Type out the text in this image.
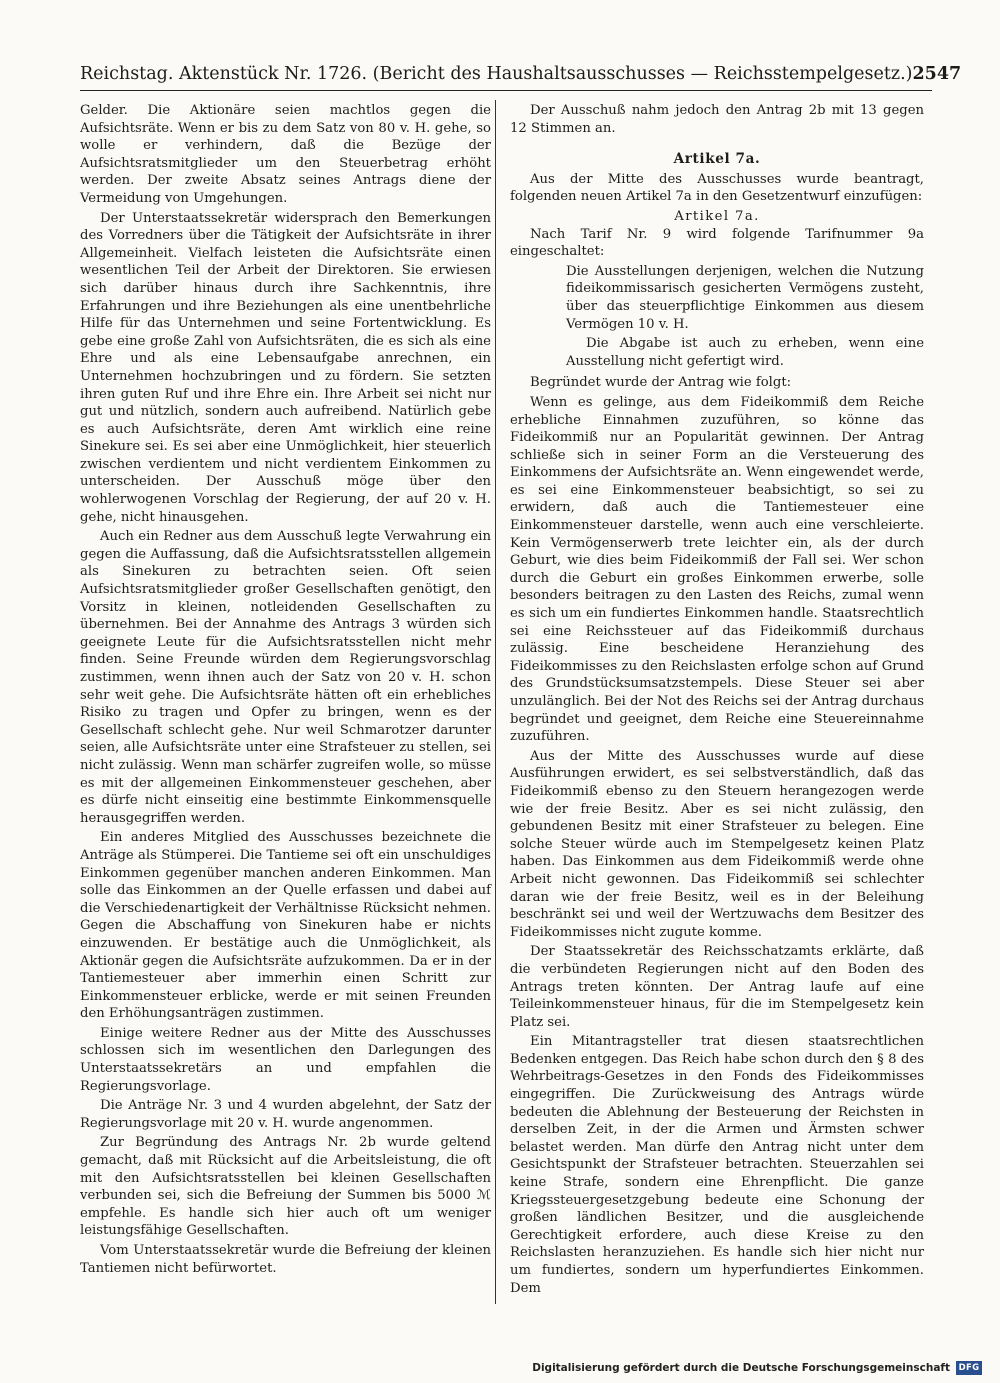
Reichstag. Aktenstück Nr. 1726. (Bericht des Haushaltsausschusses — Reichsstempelgesetz.) 2547

Gelder. Die Aktionäre seien machtlos gegen die Aufsichtsräte. Wenn er bis zu dem Satz von 80 v. H. gehe, so wolle er verhindern, daß die Bezüge der Aufsichtsratsmitglieder um den Steuerbetrag erhöht werden. Der zweite Absatz seines Antrags diene der Vermeidung von Umgehungen.

Der Unterstaatssekretär widersprach den Bemerkungen des Vorredners über die Tätigkeit der Aufsichtsräte in ihrer Allgemeinheit. Vielfach leisteten die Aufsichtsräte einen wesentlichen Teil der Arbeit der Direktoren. Sie erwiesen sich darüber hinaus durch ihre Sachkenntnis, ihre Erfahrungen und ihre Beziehungen als eine unentbehrliche Hilfe für das Unternehmen und seine Fortentwicklung. Es gebe eine große Zahl von Aufsichtsräten, die es sich als eine Ehre und als eine Lebensaufgabe anrechnen, ein Unternehmen hochzubringen und zu fördern. Sie setzten ihren guten Ruf und ihre Ehre ein. Ihre Arbeit sei nicht nur gut und nützlich, sondern auch aufreibend. Natürlich gebe es auch Aufsichtsräte, deren Amt wirklich eine reine Sinekure sei. Es sei aber eine Unmöglichkeit, hier steuerlich zwischen verdientem und nicht verdientem Einkommen zu unterscheiden. Der Ausschuß möge über den wohlerwogenen Vorschlag der Regierung, der auf 20 v. H. gehe, nicht hinausgehen.

Auch ein Redner aus dem Ausschuß legte Verwahrung ein gegen die Auffassung, daß die Aufsichtsratsstellen allgemein als Sinekuren zu betrachten seien. Oft seien Aufsichtsratsmitglieder großer Gesellschaften genötigt, den Vorsitz in kleinen, notleidenden Gesellschaften zu übernehmen. Bei der Annahme des Antrags 3 würden sich geeignete Leute für die Aufsichtsratsstellen nicht mehr finden. Seine Freunde würden dem Regierungsvorschlag zustimmen, wenn ihnen auch der Satz von 20 v. H. schon sehr weit gehe. Die Aufsichtsräte hätten oft ein erhebliches Risiko zu tragen und Opfer zu bringen, wenn es der Gesellschaft schlecht gehe. Nur weil Schmarotzer darunter seien, alle Aufsichtsräte unter eine Strafsteuer zu stellen, sei nicht zulässig. Wenn man schärfer zugreifen wolle, so müsse es mit der allgemeinen Einkommensteuer geschehen, aber es dürfe nicht einseitig eine bestimmte Einkommensquelle herausgegriffen werden.

Ein anderes Mitglied des Ausschusses bezeichnete die Anträge als Stümperei. Die Tantieme sei oft ein unschuldiges Einkommen gegenüber manchen anderen Einkommen. Man solle das Einkommen an der Quelle erfassen und dabei auf die Verschiedenartigkeit der Verhältnisse Rücksicht nehmen. Gegen die Abschaffung von Sinekuren habe er nichts einzuwenden. Er bestätige auch die Unmöglichkeit, als Aktionär gegen die Aufsichtsräte aufzukommen. Da er in der Tantiemesteuer aber immerhin einen Schritt zur Einkommensteuer erblicke, werde er mit seinen Freunden den Erhöhungsanträgen zustimmen.

Einige weitere Redner aus der Mitte des Ausschusses schlossen sich im wesentlichen den Darlegungen des Unterstaatssekretärs an und empfahlen die Regierungsvorlage.

Die Anträge Nr. 3 und 4 wurden abgelehnt, der Satz der Regierungsvorlage mit 20 v. H. wurde angenommen.

Zur Begründung des Antrags Nr. 2b wurde geltend gemacht, daß mit Rücksicht auf die Arbeitsleistung, die oft mit den Aufsichtsratsstellen bei kleinen Gesellschaften verbunden sei, sich die Befreiung der Summen bis 5000 ℳ empfehle. Es handle sich hier auch oft um weniger leistungsfähige Gesellschaften.

Vom Unterstaatssekretär wurde die Befreiung der kleinen Tantiemen nicht befürwortet.

Der Ausschuß nahm jedoch den Antrag 2b mit 13 gegen 12 Stimmen an.

Artikel 7a.

Aus der Mitte des Ausschusses wurde beantragt, folgenden neuen Artikel 7a in den Gesetzentwurf einzufügen:

Artikel 7a.

Nach Tarif Nr. 9 wird folgende Tarifnummer 9a eingeschaltet:

Die Ausstellungen derjenigen, welchen die Nutzung fideikommissarisch gesicherten Vermögens zusteht, über das steuerpflichtige Einkommen aus diesem Vermögen 10 v. H.

Die Abgabe ist auch zu erheben, wenn eine Ausstellung nicht gefertigt wird.

Begründet wurde der Antrag wie folgt:

Wenn es gelinge, aus dem Fideikommiß dem Reiche erhebliche Einnahmen zuzuführen, so könne das Fideikommiß nur an Popularität gewinnen. Der Antrag schließe sich in seiner Form an die Versteuerung des Einkommens der Aufsichtsräte an. Wenn eingewendet werde, es sei eine Einkommensteuer beabsichtigt, so sei zu erwidern, daß auch die Tantiemesteuer eine Einkommensteuer darstelle, wenn auch eine verschleierte. Kein Vermögenserwerb trete leichter ein, als der durch Geburt, wie dies beim Fideikommiß der Fall sei. Wer schon durch die Geburt ein großes Einkommen erwerbe, solle besonders beitragen zu den Lasten des Reichs, zumal wenn es sich um ein fundiertes Einkommen handle. Staatsrechtlich sei eine Reichssteuer auf das Fideikommiß durchaus zulässig. Eine bescheidene Heranziehung des Fideikommisses zu den Reichslasten erfolge schon auf Grund des Grundstücksumsatzstempels. Diese Steuer sei aber unzulänglich. Bei der Not des Reichs sei der Antrag durchaus begründet und geeignet, dem Reiche eine Steuereinnahme zuzuführen.

Aus der Mitte des Ausschusses wurde auf diese Ausführungen erwidert, es sei selbstverständlich, daß das Fideikommiß ebenso zu den Steuern herangezogen werde wie der freie Besitz. Aber es sei nicht zulässig, den gebundenen Besitz mit einer Strafsteuer zu belegen. Eine solche Steuer würde auch im Stempelgesetz keinen Platz haben. Das Einkommen aus dem Fideikommiß werde ohne Arbeit nicht gewonnen. Das Fideikommiß sei schlechter daran wie der freie Besitz, weil es in der Beleihung beschränkt sei und weil der Wertzuwachs dem Besitzer des Fideikommisses nicht zugute komme.

Der Staatssekretär des Reichsschatzamts erklärte, daß die verbündeten Regierungen nicht auf den Boden des Antrags treten könnten. Der Antrag laufe auf eine Teileinkommensteuer hinaus, für die im Stempelgesetz kein Platz sei.

Ein Mitantragsteller trat diesen staatsrechtlichen Bedenken entgegen. Das Reich habe schon durch den § 8 des Wehrbeitrags-Gesetzes in den Fonds des Fideikommisses eingegriffen. Die Zurückweisung des Antrags würde bedeuten die Ablehnung der Besteuerung der Reichsten in derselben Zeit, in der die Armen und Ärmsten schwer belastet werden. Man dürfe den Antrag nicht unter dem Gesichtspunkt der Strafsteuer betrachten. Steuerzahlen sei keine Strafe, sondern eine Ehrenpflicht. Die ganze Kriegssteuergesetzgebung bedeute eine Schonung der großen ländlichen Besitzer, und die ausgleichende Gerechtigkeit erfordere, auch diese Kreise zu den Reichslasten heranzuziehen. Es handle sich hier nicht nur um fundiertes, sondern um hyperfundiertes Einkommen. Dem

Digitalisierung gefördert durch die Deutsche Forschungsgemeinschaft DFG
